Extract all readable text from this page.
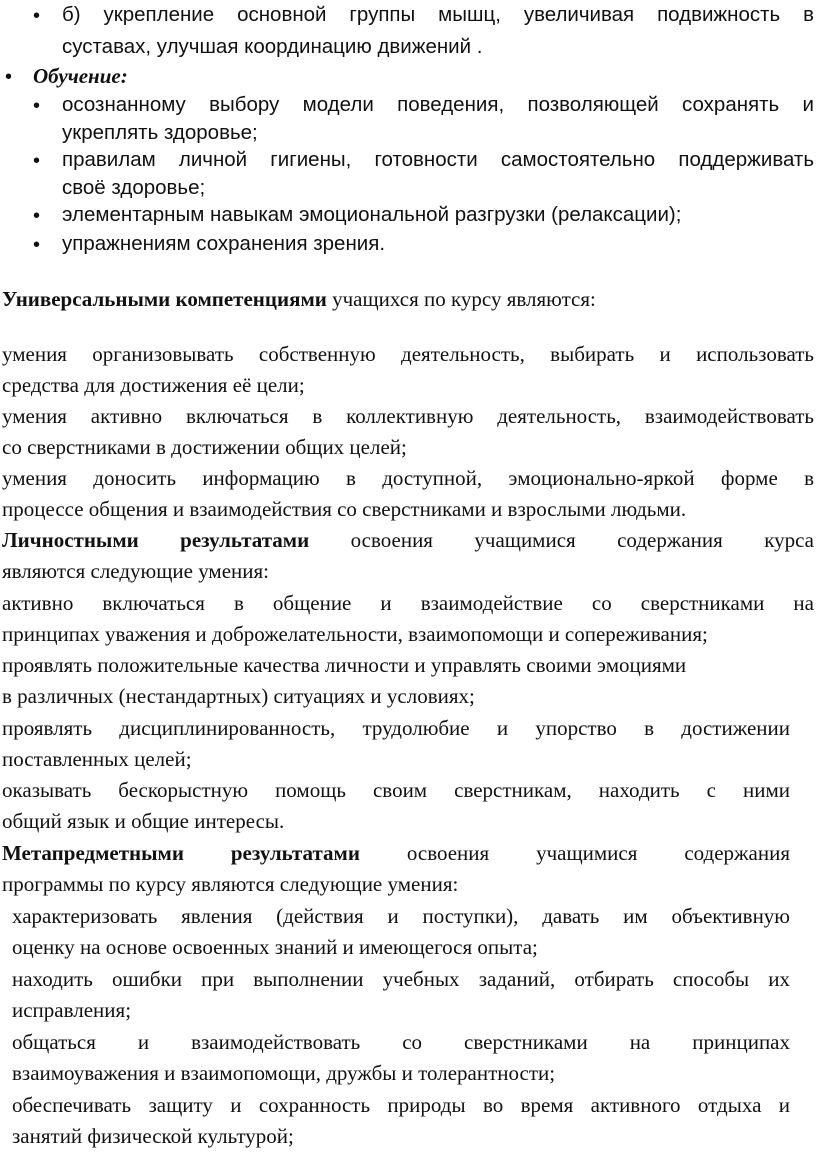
• б) укрепление основной группы мышц, увеличивая подвижность в
суставах, улучшая координацию движений .
• Обучение:
• осознанному выбору модели поведения, позволяющей сохранять и
укреплять здоровье;
• правилам личной гигиены, готовности самостоятельно поддерживать
своё здоровье;
• элементарным навыкам эмоциональной разгрузки (релаксации);
• упражнениям сохранения зрения.
Универсальными компетенциями учащихся по курсу являются:
умения организовывать собственную деятельность, выбирать и использовать
средства для достижения её цели;
умения активно включаться в коллективную деятельность, взаимодействовать
со сверстниками в достижении общих целей;
умения доносить информацию в доступной, эмоционально-яркой форме в
процессе общения и взаимодействия со сверстниками и взрослыми людьми.
Личностными результатами освоения учащимися содержания курса
являются следующие умения:
активно включаться в общение и взаимодействие со сверстниками на
принципах уважения и доброжелательности, взаимопомощи и сопереживания;
проявлять положительные качества личности и управлять своими эмоциями
в различных (нестандартных) ситуациях и условиях;
проявлять дисциплинированность, трудолюбие и упорство в достижении
поставленных целей;
оказывать бескорыстную помощь своим сверстникам, находить с ними
общий язык и общие интересы.
Метапредметными результатами освоения учащимися содержания
программы по курсу являются следующие умения:
характеризовать явления (действия и поступки), давать им объективную
оценку на основе освоенных знаний и имеющегося опыта;
находить ошибки при выполнении учебных заданий, отбирать способы их
исправления;
общаться и взаимодействовать со сверстниками на принципах
взаимоуважения и взаимопомощи, дружбы и толерантности;
обеспечивать защиту и сохранность природы во время активного отдыха и
занятий физической культурой;
